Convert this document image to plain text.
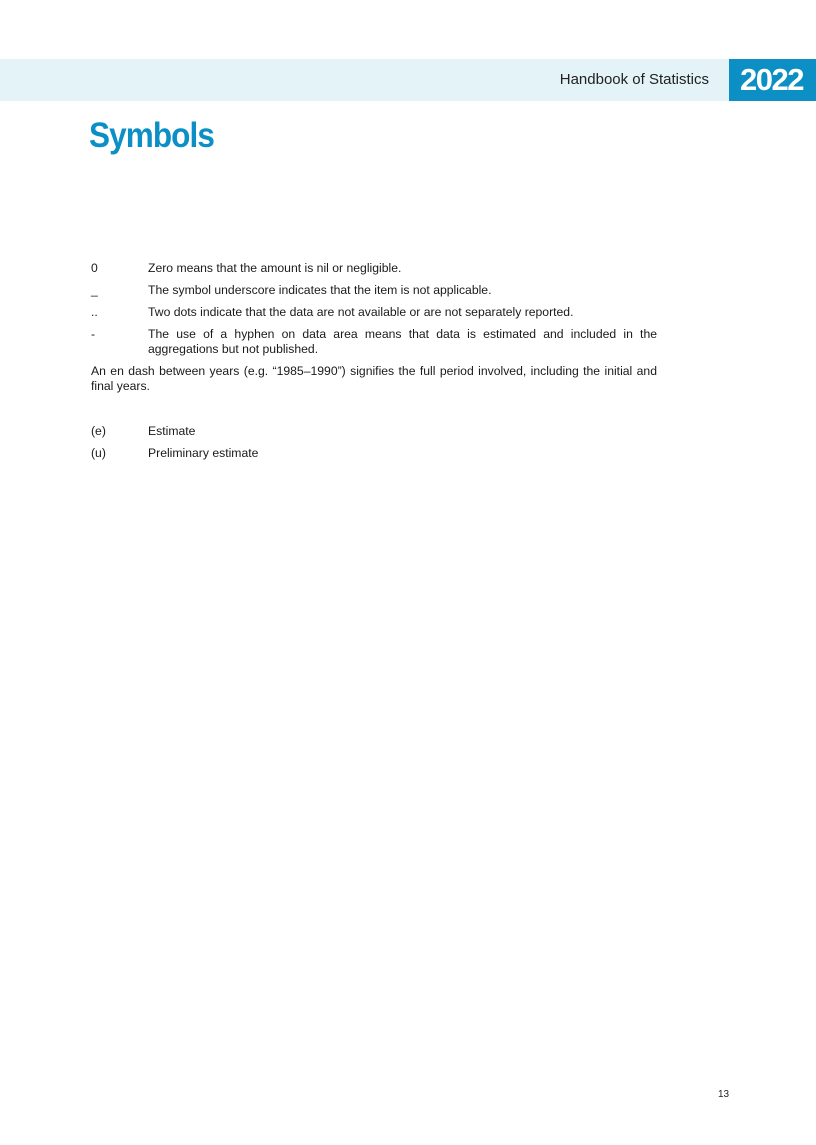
Handbook of Statistics	2022
Symbols
0	Zero means that the amount is nil or negligible.
_	The symbol underscore indicates that the item is not applicable.
..	Two dots indicate that the data are not available or are not separately reported.
-	The use of a hyphen on data area means that data is estimated and included in the aggregations but not published.

An en dash between years (e.g. “1985–1990”) signifies the full period involved, including the initial and final years.

(e)	Estimate
(u)	Preliminary estimate
13
